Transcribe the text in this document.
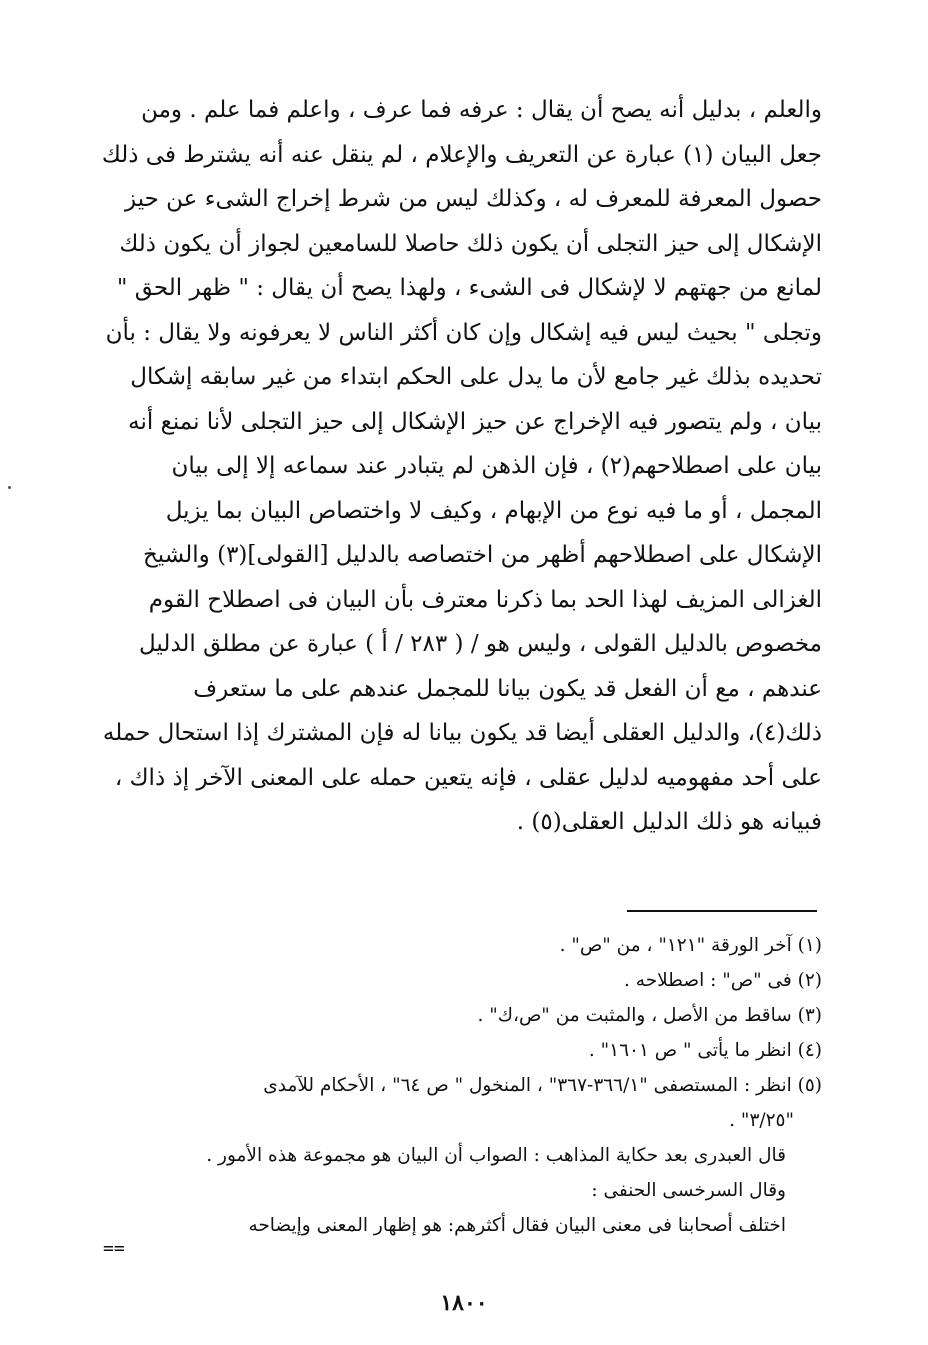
والعلم ، بدليل أنه يصح أن يقال : عرفه فما عرف ، واعلم فما علم . ومن
جعل البيان (١) عبارة عن التعريف والإعلام ، لم ينقل عنه أنه يشترط فى ذلك
حصول المعرفة للمعرف له ، وكذلك ليس من شرط إخراج الشىء عن حيز
الإشكال إلى حيز التجلى أن يكون ذلك حاصلا للسامعين لجواز أن يكون ذلك
لمانع من جهتهم لا لإشكال فى الشىء ، ولهذا يصح أن يقال : " ظهر الحق "
وتجلى " بحيث ليس فيه إشكال وإن كان أكثر الناس لا يعرفونه ولا يقال : بأن
تحديده بذلك غير جامع لأن ما يدل على الحكم ابتداء من غير سابقه إشكال
بيان ، ولم يتصور فيه الإخراج عن حيز الإشكال إلى حيز التجلى لأنا نمنع أنه
بيان على اصطلاحهم(٢) ، فإن الذهن لم يتبادر عند سماعه إلا إلى بيان
المجمل ، أو ما فيه نوع من الإبهام ، وكيف لا واختصاص البيان بما يزيل
الإشكال على اصطلاحهم أظهر من اختصاصه بالدليل [القولى](٣) والشيخ
الغزالى المزيف لهذا الحد بما ذكرنا معترف بأن البيان فى اصطلاح القوم
مخصوص بالدليل القولى ، وليس هو / ( ٢٨٣ / أ ) عبارة عن مطلق الدليل
عندهم ، مع أن الفعل قد يكون بيانا للمجمل عندهم على ما ستعرف
ذلك(٤)، والدليل العقلى أيضا قد يكون بيانا له فإن المشترك إذا استحال حمله
على أحد مفهوميه لدليل عقلى ، فإنه يتعين حمله على المعنى الآخر إذ ذاك ،
فبيانه هو ذلك الدليل العقلى(٥) .
(١) آخر الورقة "١٢١" ، من "ص" .
(٢) فى "ص" : اصطلاحه .
(٣) ساقط من الأصل ، والمثبت من "ص،ك" .
(٤) انظر ما يأتى " ص ١٦٠١" .
(٥) انظر : المستصفى "٣٦٦/١-٣٦٧" ، المنخول " ص ٦٤" ، الأحكام للآمدى
"٣/٢٥" .
قال العبدرى بعد حكاية المذاهب : الصواب أن البيان هو مجموعة هذه الأمور .
وقال السرخسى الحنفى :
اختلف أصحابنا فى معنى البيان فقال أكثرهم: هو إظهار المعنى وإيضاحه
==
١٨٠٠
